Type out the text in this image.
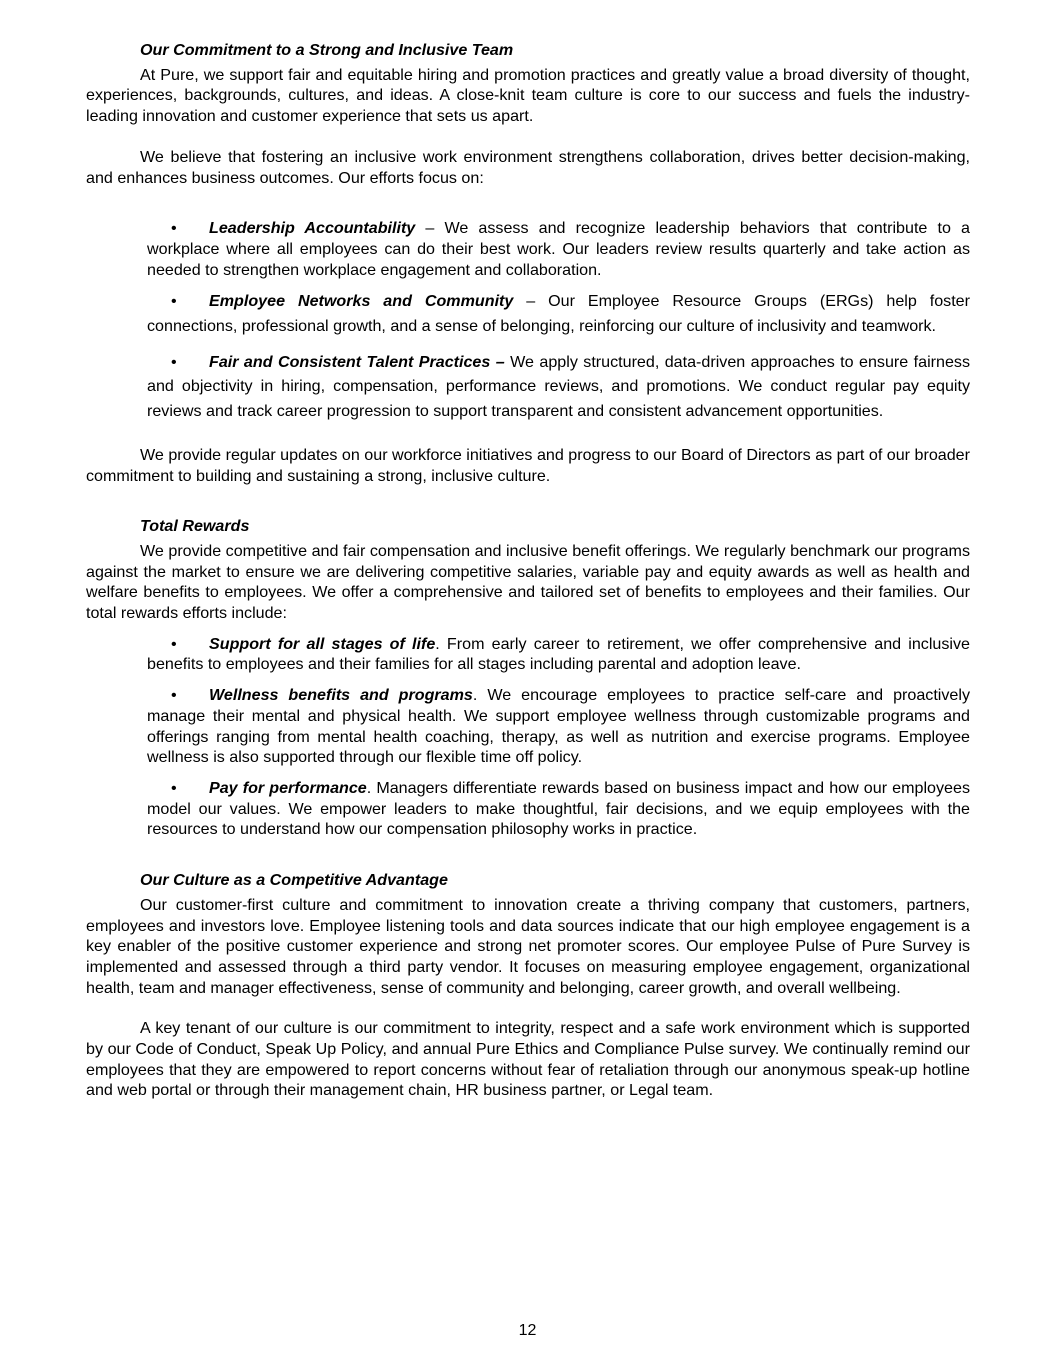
Our Commitment to a Strong and Inclusive Team

At Pure, we support fair and equitable hiring and promotion practices and greatly value a broad diversity of thought, experiences, backgrounds, cultures, and ideas. A close-knit team culture is core to our success and fuels the industry-leading innovation and customer experience that sets us apart.

We believe that fostering an inclusive work environment strengthens collaboration, drives better decision-making, and enhances business outcomes. Our efforts focus on:

• Leadership Accountability – We assess and recognize leadership behaviors that contribute to a workplace where all employees can do their best work. Our leaders review results quarterly and take action as needed to strengthen workplace engagement and collaboration.
• Employee Networks and Community – Our Employee Resource Groups (ERGs) help foster connections, professional growth, and a sense of belonging, reinforcing our culture of inclusivity and teamwork.
• Fair and Consistent Talent Practices – We apply structured, data-driven approaches to ensure fairness and objectivity in hiring, compensation, performance reviews, and promotions. We conduct regular pay equity reviews and track career progression to support transparent and consistent advancement opportunities.

We provide regular updates on our workforce initiatives and progress to our Board of Directors as part of our broader commitment to building and sustaining a strong, inclusive culture.

Total Rewards

We provide competitive and fair compensation and inclusive benefit offerings. We regularly benchmark our programs against the market to ensure we are delivering competitive salaries, variable pay and equity awards as well as health and welfare benefits to employees. We offer a comprehensive and tailored set of benefits to employees and their families. Our total rewards efforts include:

• Support for all stages of life. From early career to retirement, we offer comprehensive and inclusive benefits to employees and their families for all stages including parental and adoption leave.
• Wellness benefits and programs. We encourage employees to practice self-care and proactively manage their mental and physical health. We support employee wellness through customizable programs and offerings ranging from mental health coaching, therapy, as well as nutrition and exercise programs. Employee wellness is also supported through our flexible time off policy.
• Pay for performance. Managers differentiate rewards based on business impact and how our employees model our values. We empower leaders to make thoughtful, fair decisions, and we equip employees with the resources to understand how our compensation philosophy works in practice.

Our Culture as a Competitive Advantage

Our customer-first culture and commitment to innovation create a thriving company that customers, partners, employees and investors love. Employee listening tools and data sources indicate that our high employee engagement is a key enabler of the positive customer experience and strong net promoter scores. Our employee Pulse of Pure Survey is implemented and assessed through a third party vendor. It focuses on measuring employee engagement, organizational health, team and manager effectiveness, sense of community and belonging, career growth, and overall wellbeing.

A key tenant of our culture is our commitment to integrity, respect and a safe work environment which is supported by our Code of Conduct, Speak Up Policy, and annual Pure Ethics and Compliance Pulse survey. We continually remind our employees that they are empowered to report concerns without fear of retaliation through our anonymous speak-up hotline and web portal or through their management chain, HR business partner, or Legal team.

12
